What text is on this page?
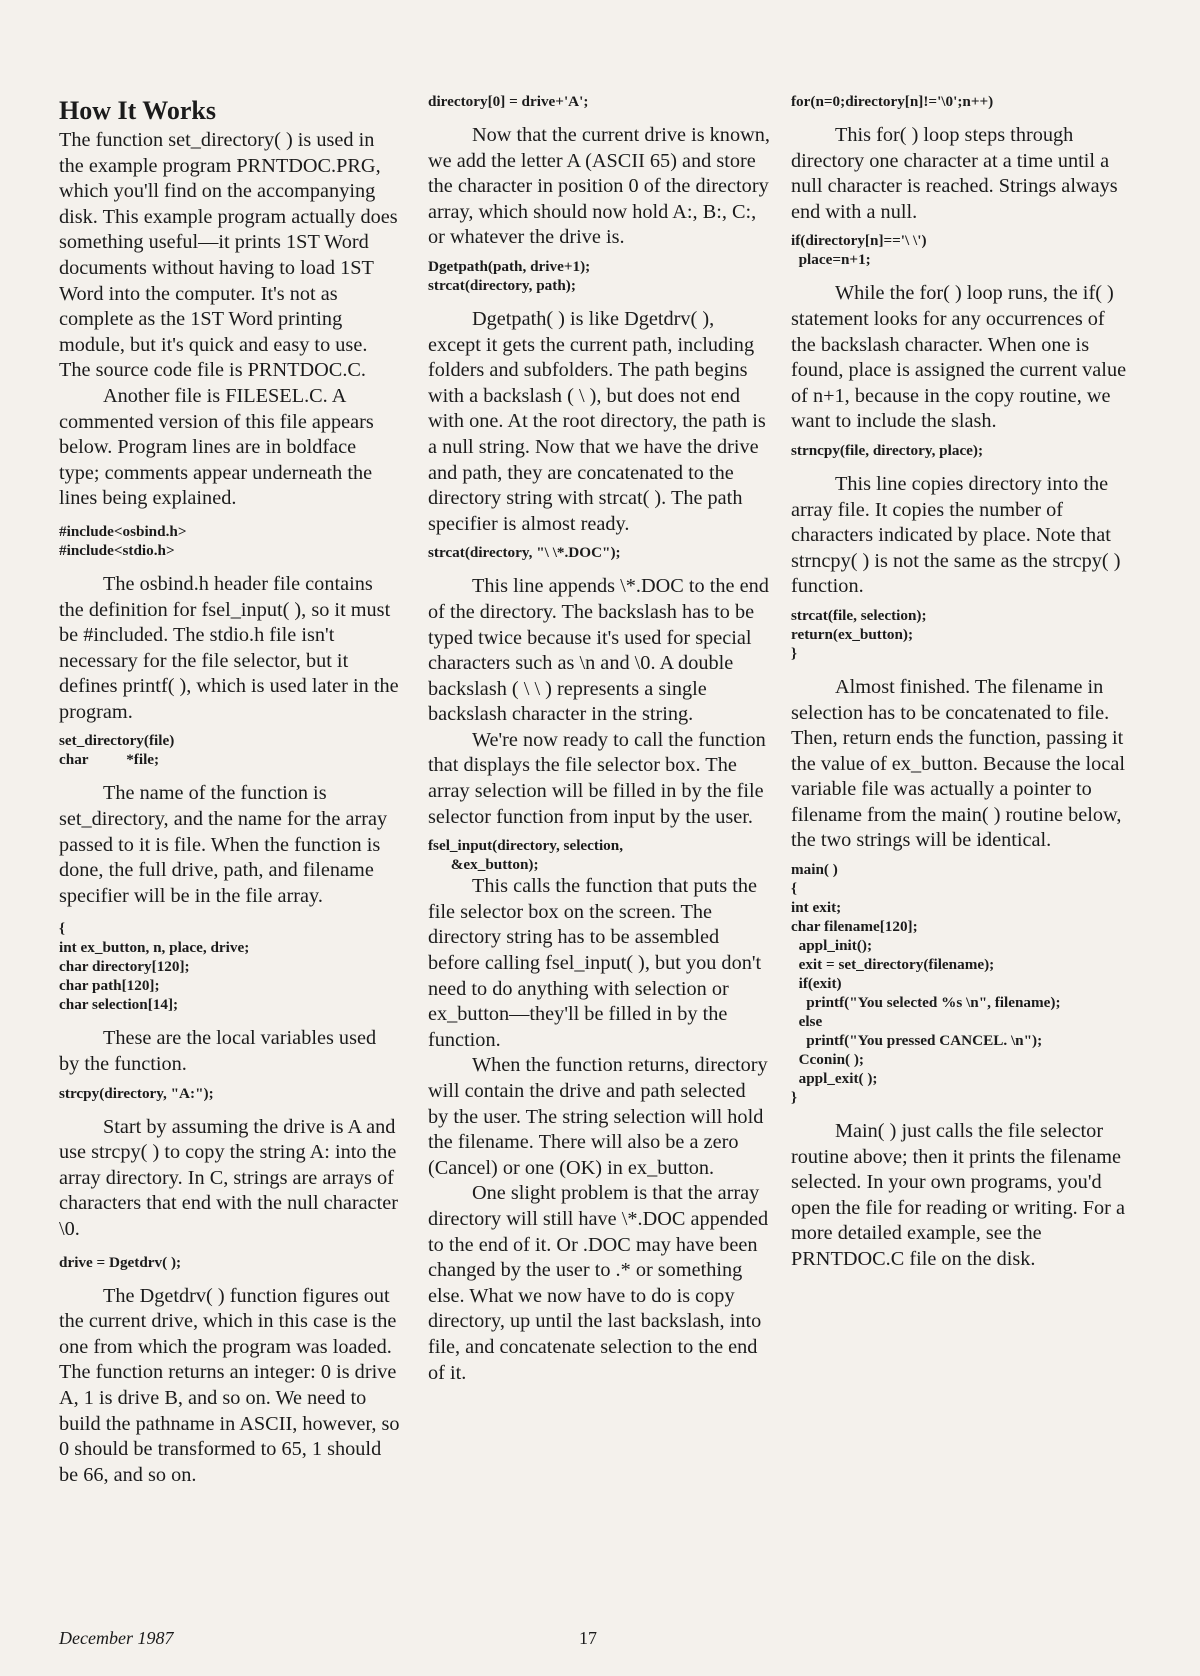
How It Works

The function set_directory( ) is used in the example program PRNTDOC.PRG, which you'll find on the accompanying disk. This example program actually does something useful—it prints 1ST Word documents without having to load 1ST Word into the computer. It's not as complete as the 1ST Word printing module, but it's quick and easy to use. The source code file is PRNTDOC.C.

Another file is FILESEL.C. A commented version of this file appears below. Program lines are in boldface type; comments appear underneath the lines being explained.

#include<osbind.h>
#include<stdio.h>

The osbind.h header file contains the definition for fsel_input( ), so it must be #included. The stdio.h file isn't necessary for the file selector, but it defines printf( ), which is used later in the program.

set_directory(file)
char          *file;

The name of the function is set_directory, and the name for the array passed to it is file. When the function is done, the full drive, path, and filename specifier will be in the file array.

{
int ex_button, n, place, drive;
char directory[120];
char path[120];
char selection[14];

These are the local variables used by the function.

strcpy(directory, "A:");

Start by assuming the drive is A and use strcpy( ) to copy the string A: into the array directory. In C, strings are arrays of characters that end with the null character \0.

drive = Dgetdrv( );

The Dgetdrv( ) function figures out the current drive, which in this case is the one from which the program was loaded. The function returns an integer: 0 is drive A, 1 is drive B, and so on. We need to build the pathname in ASCII, however, so 0 should be transformed to 65, 1 should be 66, and so on.

directory[0] = drive+'A';

Now that the current drive is known, we add the letter A (ASCII 65) and store the character in position 0 of the directory array, which should now hold A:, B:, C:, or whatever the drive is.

Dgetpath(path, drive+1);
strcat(directory, path);

Dgetpath( ) is like Dgetdrv( ), except it gets the current path, including folders and subfolders. The path begins with a backslash ( \ ), but does not end with one. At the root directory, the path is a null string. Now that we have the drive and path, they are concatenated to the directory string with strcat( ). The path specifier is almost ready.

strcat(directory, "\ \*.DOC");

This line appends \*.DOC to the end of the directory. The backslash has to be typed twice because it's used for special characters such as \n and \0. A double backslash ( \ \ ) represents a single backslash character in the string.

We're now ready to call the function that displays the file selector box. The array selection will be filled in by the file selector function from input by the user.

fsel_input(directory, selection,
&ex_button);

This calls the function that puts the file selector box on the screen. The directory string has to be assembled before calling fsel_input( ), but you don't need to do anything with selection or ex_button—they'll be filled in by the function.

When the function returns, directory will contain the drive and path selected by the user. The string selection will hold the filename. There will also be a zero (Cancel) or one (OK) in ex_button.

One slight problem is that the array directory will still have \*.DOC appended to the end of it. Or .DOC may have been changed by the user to .* or something else. What we now have to do is copy directory, up until the last backslash, into file, and concatenate selection to the end of it.

for(n=0;directory[n]!='\0';n++)

This for( ) loop steps through directory one character at a time until a null character is reached. Strings always end with a null.

if(directory[n]=='\ \')
place=n+1;

While the for( ) loop runs, the if( ) statement looks for any occurrences of the backslash character. When one is found, place is assigned the current value of n+1, because in the copy routine, we want to include the slash.

strncpy(file, directory, place);

This line copies directory into the array file. It copies the number of characters indicated by place. Note that strncpy( ) is not the same as the strcpy( ) function.

strcat(file, selection);
return(ex_button);
}

Almost finished. The filename in selection has to be concatenated to file. Then, return ends the function, passing it the value of ex_button. Because the local variable file was actually a pointer to filename from the main( ) routine below, the two strings will be identical.

main( )
{
int exit;
char filename[120];
appl_init();
exit = set_directory(filename);
if(exit)
printf("You selected %s \n", filename);
else
printf("You pressed CANCEL. \n");
Cconin( );
appl_exit( );
}

Main( ) just calls the file selector routine above; then it prints the filename selected. In your own programs, you'd open the file for reading or writing. For a more detailed example, see the PRNTDOC.C file on the disk.

December 1987	17
